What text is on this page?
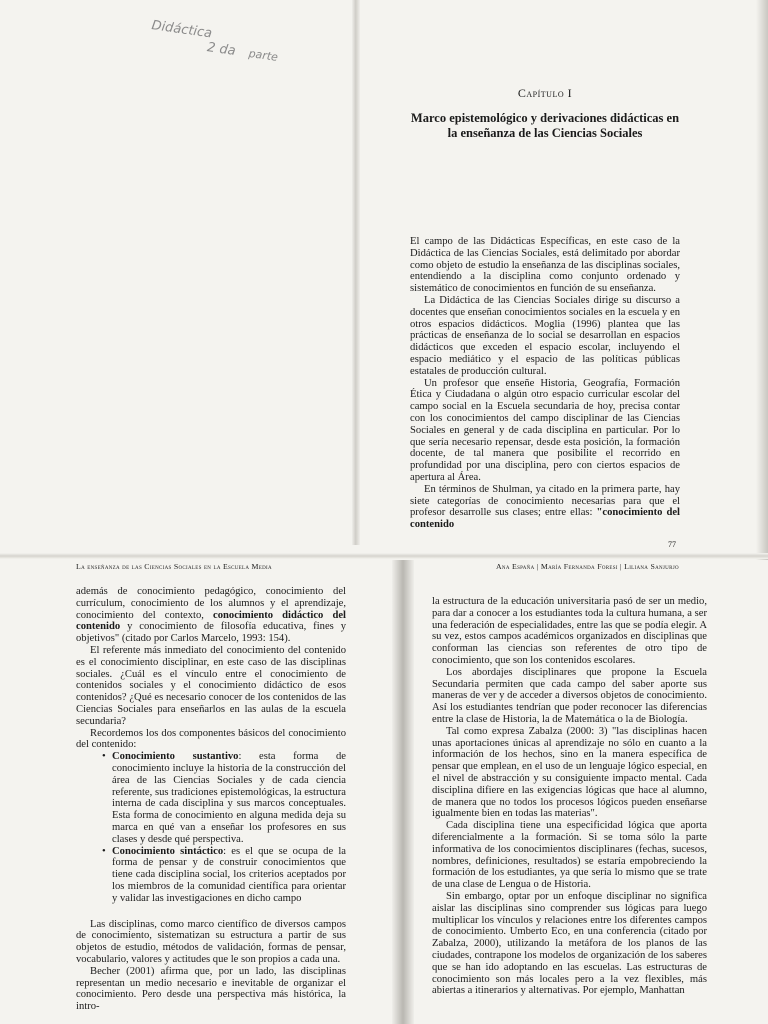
Didáctica
2 da	parte
Capítulo I
Marco epistemológico y derivaciones didácticas en la enseñanza de las Ciencias Sociales

El campo de las Didácticas Específicas, en este caso de la Didáctica de las Ciencias Sociales, está delimitado por abordar como objeto de estudio la enseñanza de las disciplinas sociales, entendiendo a la disciplina como conjunto ordenado y sistemático de conocimientos en función de su enseñanza.

La Didáctica de las Ciencias Sociales dirige su discurso a docentes que enseñan conocimientos sociales en la escuela y en otros espacios didácticos. Moglia (1996) plantea que las prácticas de enseñanza de lo social se desarrollan en espacios didácticos que exceden el espacio escolar, incluyendo el espacio mediático y el espacio de las políticas públicas estatales de producción cultural.

Un profesor que enseñe Historia, Geografía, Formación Ética y Ciudadana o algún otro espacio curricular escolar del campo social en la Escuela secundaria de hoy, precisa contar con los conocimientos del campo disciplinar de las Ciencias Sociales en general y de cada disciplina en particular. Por lo que sería necesario repensar, desde esta posición, la formación docente, de tal manera que posibilite el recorrido en profundidad por una disciplina, pero con ciertos espacios de apertura al Área.

En términos de Shulman, ya citado en la primera parte, hay siete categorías de conocimiento necesarias para que el profesor desarrolle sus clases; entre ellas: "conocimiento del contenido

77
La enseñanza de las Ciencias Sociales en la Escuela Media	Ana España | María Fernanda Foresi | Liliana Sanjurjo

además de conocimiento pedagógico, conocimiento del currículum, conocimiento de los alumnos y el aprendizaje, conocimiento del contexto, conocimiento didáctico del contenido y conocimiento de filosofía educativa, fines y objetivos" (citado por Carlos Marcelo, 1993: 154).

El referente más inmediato del conocimiento del contenido es el conocimiento disciplinar, en este caso de las disciplinas sociales. ¿Cuál es el vínculo entre el conocimiento de contenidos sociales y el conocimiento didáctico de esos contenidos? ¿Qué es necesario conocer de los contenidos de las Ciencias Sociales para enseñarlos en las aulas de la escuela secundaria?

Recordemos los dos componentes básicos del conocimiento del contenido:

• Conocimiento sustantivo: esta forma de conocimiento incluye la historia de la construcción del área de las Ciencias Sociales y de cada ciencia referente, sus tradiciones epistemológicas, la estructura interna de cada disciplina y sus marcos conceptuales. Esta forma de conocimiento en alguna medida deja su marca en qué van a enseñar los profesores en sus clases y desde qué perspectiva.
• Conocimiento sintáctico: es el que se ocupa de la forma de pensar y de construir conocimientos que tiene cada disciplina social, los criterios aceptados por los miembros de la comunidad científica para orientar y validar las investigaciones en dicho campo

Las disciplinas, como marco científico de diversos campos de conocimiento, sistematizan su estructura a partir de sus objetos de estudio, métodos de validación, formas de pensar, vocabulario, valores y actitudes que le son propios a cada una.

Becher (2001) afirma que, por un lado, las disciplinas representan un medio necesario e inevitable de organizar el conocimiento. Pero desde una perspectiva más histórica, la intro-

la estructura de la educación universitaria pasó de ser un medio, para dar a conocer a los estudiantes toda la cultura humana, a ser una federación de especialidades, entre las que se podía elegir. A su vez, estos campos académicos organizados en disciplinas que conforman las ciencias son referentes de otro tipo de conocimiento, que son los contenidos escolares.

Los abordajes disciplinares que propone la Escuela Secundaria permiten que cada campo del saber aporte sus maneras de ver y de acceder a diversos objetos de conocimiento. Así los estudiantes tendrían que poder reconocer las diferencias entre la clase de Historia, la de Matemática o la de Biología.

Tal como expresa Zabalza (2000: 3) "las disciplinas hacen unas aportaciones únicas al aprendizaje no sólo en cuanto a la información de los hechos, sino en la manera específica de pensar que emplean, en el uso de un lenguaje lógico especial, en el nivel de abstracción y su consiguiente impacto mental. Cada disciplina difiere en las exigencias lógicas que hace al alumno, de manera que no todos los procesos lógicos pueden enseñarse igualmente bien en todas las materias".

Cada disciplina tiene una especificidad lógica que aporta diferencialmente a la formación. Si se toma sólo la parte informativa de los conocimientos disciplinares (fechas, sucesos, nombres, definiciones, resultados) se estaría empobreciendo la formación de los estudiantes, ya que sería lo mismo que se trate de una clase de Lengua o de Historia.

Sin embargo, optar por un enfoque disciplinar no significa aislar las disciplinas sino comprender sus lógicas para luego multiplicar los vínculos y relaciones entre los diferentes campos de conocimiento. Umberto Eco, en una conferencia (citado por Zabalza, 2000), utilizando la metáfora de los planos de las ciudades, contrapone los modelos de organización de los saberes que se han ido adoptando en las escuelas. Las estructuras de conocimiento son más locales pero a la vez flexibles, más abiertas a itinerarios y alternativas. Por ejemplo, Manhattan
